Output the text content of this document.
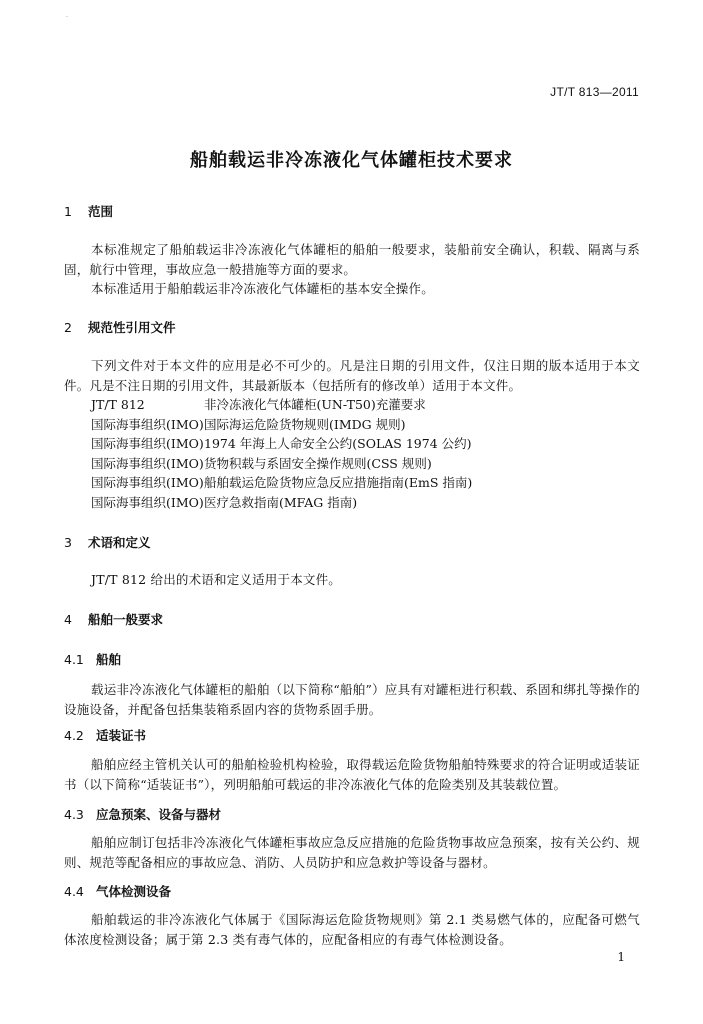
·
JT/T 813—2011
船舶载运非冷冻液化气体罐柜技术要求
1 范围
本标准规定了船舶载运非冷冻液化气体罐柜的船舶一般要求，装船前安全确认，积载、隔离与系固，航行中管理，事故应急一般措施等方面的要求。
本标准适用于船舶载运非冷冻液化气体罐柜的基本安全操作。
2 规范性引用文件
下列文件对于本文件的应用是必不可少的。凡是注日期的引用文件，仅注日期的版本适用于本文件。凡是不注日期的引用文件，其最新版本（包括所有的修改单）适用于本文件。
JT/T 812	非冷冻液化气体罐柜(UN-T50)充灌要求
国际海事组织(IMO) 国际海运危险货物规则(IMDG 规则)
国际海事组织(IMO) 1974 年海上人命安全公约(SOLAS 1974 公约)
国际海事组织(IMO) 货物积载与系固安全操作规则(CSS 规则)
国际海事组织(IMO) 船舶载运危险货物应急反应措施指南(EmS 指南)
国际海事组织(IMO) 医疗急救指南(MFAG 指南)
3 术语和定义
JT/T 812 给出的术语和定义适用于本文件。
4 船舶一般要求
4.1 船舶
载运非冷冻液化气体罐柜的船舶（以下简称“船舶”）应具有对罐柜进行积载、系固和绑扎等操作的设施设备，并配备包括集装箱系固内容的货物系固手册。
4.2 适装证书
船舶应经主管机关认可的船舶检验机构检验，取得载运危险货物船舶特殊要求的符合证明或适装证书（以下简称“适装证书”），列明船舶可载运的非冷冻液化气体的危险类别及其装载位置。
4.3 应急预案、设备与器材
船舶应制订包括非冷冻液化气体罐柜事故应急反应措施的危险货物事故应急预案，按有关公约、规则、规范等配备相应的事故应急、消防、人员防护和应急救护等设备与器材。
4.4 气体检测设备
船舶载运的非冷冻液化气体属于《国际海运危险货物规则》第 2.1 类易燃气体的，应配备可燃气体浓度检测设备；属于第 2.3 类有毒气体的，应配备相应的有毒气体检测设备。
1
